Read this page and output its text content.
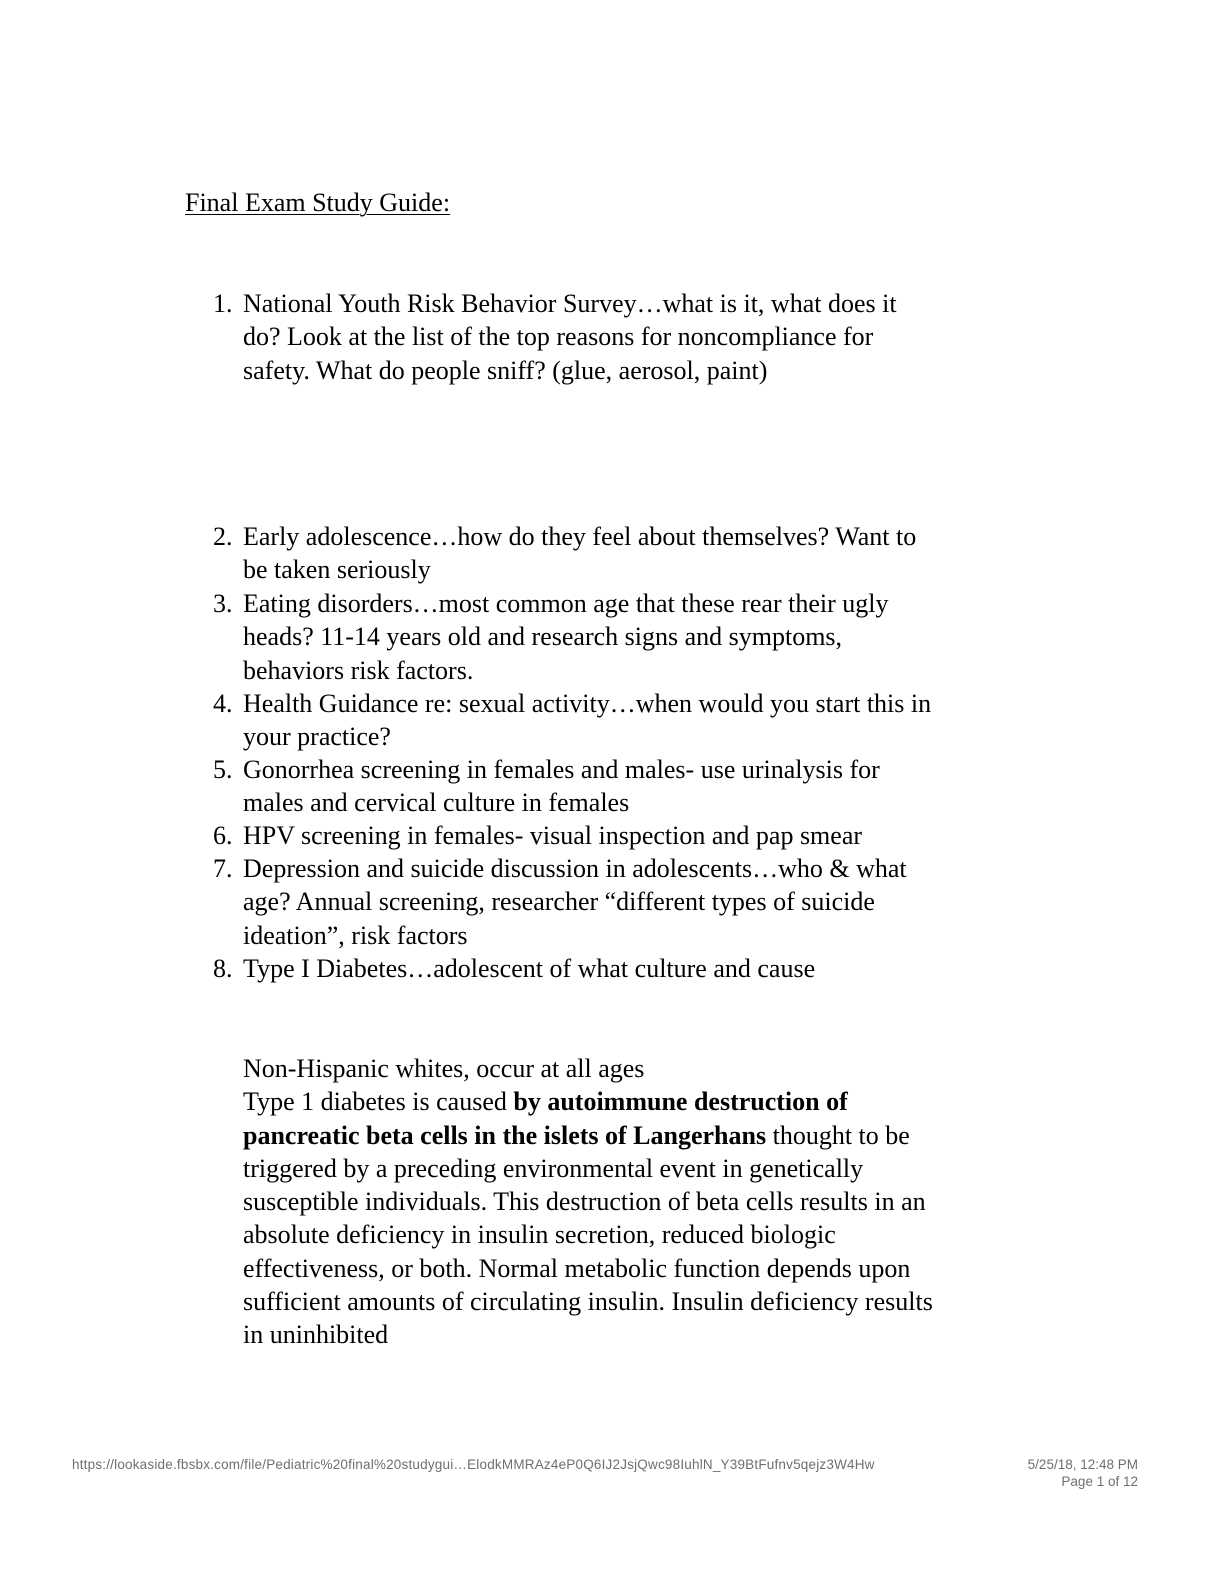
Final Exam Study Guide:
1. National Youth Risk Behavior Survey…what is it, what does it do? Look at the list of the top reasons for noncompliance for safety. What do people sniff? (glue, aerosol, paint)
2. Early adolescence…how do they feel about themselves? Want to be taken seriously
3. Eating disorders…most common age that these rear their ugly heads? 11-14 years old and research signs and symptoms, behaviors risk factors.
4. Health Guidance re: sexual activity…when would you start this in your practice?
5. Gonorrhea screening in females and males- use urinalysis for males and cervical culture in females
6. HPV screening in females- visual inspection and pap smear
7. Depression and suicide discussion in adolescents…who & what age? Annual screening, researcher “different types of suicide ideation”, risk factors
8. Type I Diabetes…adolescent of what culture and cause
Non-Hispanic whites, occur at all ages
Type 1 diabetes is caused by autoimmune destruction of pancreatic beta cells in the islets of Langerhans thought to be triggered by a preceding environmental event in genetically susceptible individuals. This destruction of beta cells results in an absolute deficiency in insulin secretion, reduced biologic effectiveness, or both. Normal metabolic function depends upon sufficient amounts of circulating insulin. Insulin deficiency results in uninhibited
https://lookaside.fbsbx.com/file/Pediatric%20final%20studygui…ElodkMMRAz4eP0Q6IJ2JsjQwc98IuhlN_Y39BtFufnv5qejz3W4Hw	5/25/18, 12:48 PM
Page 1 of 12
